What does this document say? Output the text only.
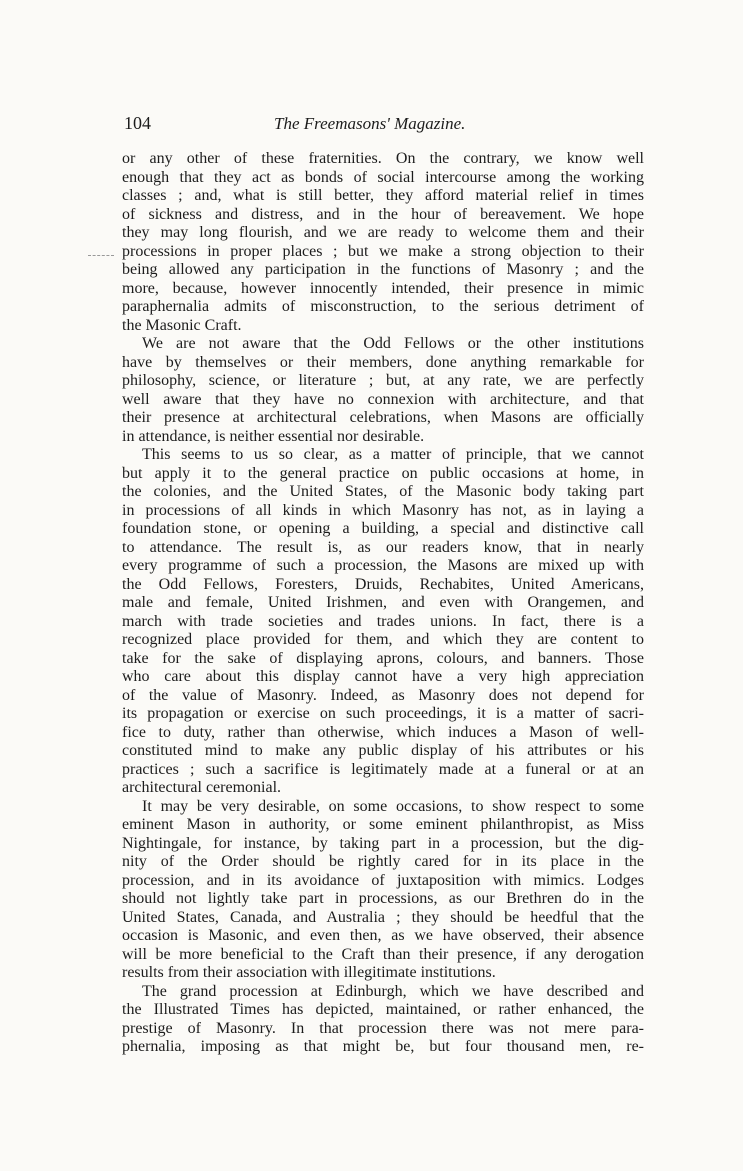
104	The Freemasons' Magazine.
or any other of these fraternities. On the contrary, we know well
enough that they act as bonds of social intercourse among the working
classes ; and, what is still better, they afford material relief in times
of sickness and distress, and in the hour of bereavement. We hope
they may long flourish, and we are ready to welcome them and their
processions in proper places ; but we make a strong objection to their
being allowed any participation in the functions of Masonry ; and the
more, because, however innocently intended, their presence in mimic
paraphernalia admits of misconstruction, to the serious detriment of
the Masonic Craft.
We are not aware that the Odd Fellows or the other institutions
have by themselves or their members, done anything remarkable for
philosophy, science, or literature ; but, at any rate, we are perfectly
well aware that they have no connexion with architecture, and that
their presence at architectural celebrations, when Masons are officially
in attendance, is neither essential nor desirable.
This seems to us so clear, as a matter of principle, that we cannot
but apply it to the general practice on public occasions at home, in
the colonies, and the United States, of the Masonic body taking part
in processions of all kinds in which Masonry has not, as in laying a
foundation stone, or opening a building, a special and distinctive call
to attendance. The result is, as our readers know, that in nearly
every programme of such a procession, the Masons are mixed up with
the Odd Fellows, Foresters, Druids, Rechabites, United Americans,
male and female, United Irishmen, and even with Orangemen, and
march with trade societies and trades unions. In fact, there is a
recognized place provided for them, and which they are content to
take for the sake of displaying aprons, colours, and banners. Those
who care about this display cannot have a very high appreciation
of the value of Masonry. Indeed, as Masonry does not depend for
its propagation or exercise on such proceedings, it is a matter of sacri-
fice to duty, rather than otherwise, which induces a Mason of well-
constituted mind to make any public display of his attributes or his
practices ; such a sacrifice is legitimately made at a funeral or at an
architectural ceremonial.
It may be very desirable, on some occasions, to show respect to some
eminent Mason in authority, or some eminent philanthropist, as Miss
Nightingale, for instance, by taking part in a procession, but the dig-
nity of the Order should be rightly cared for in its place in the
procession, and in its avoidance of juxtaposition with mimics. Lodges
should not lightly take part in processions, as our Brethren do in the
United States, Canada, and Australia ; they should be heedful that the
occasion is Masonic, and even then, as we have observed, their absence
will be more beneficial to the Craft than their presence, if any derogation
results from their association with illegitimate institutions.
The grand procession at Edinburgh, which we have described and
the Illustrated Times has depicted, maintained, or rather enhanced, the
prestige of Masonry. In that procession there was not mere para-
phernalia, imposing as that might be, but four thousand men, re-
